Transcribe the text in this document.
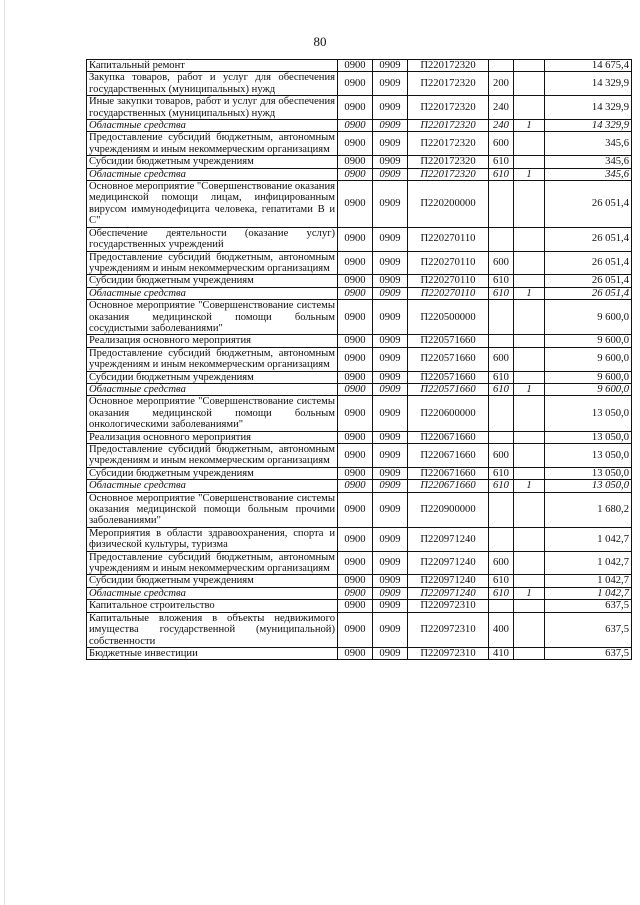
80
Капитальный ремонт	0900	0909	П220172320			14 675,4
Закупка товаров, работ и услуг для обеспечения государственных (муниципальных) нужд	0900	0909	П220172320	200		14 329,9
Иные закупки товаров, работ и услуг для обеспечения государственных (муниципальных) нужд	0900	0909	П220172320	240		14 329,9
Областные средства	0900	0909	П220172320	240	1	14 329,9
Предоставление субсидий бюджетным, автономным учреждениям и иным некоммерческим организациям	0900	0909	П220172320	600		345,6
Субсидии бюджетным учреждениям	0900	0909	П220172320	610		345,6
Областные средства	0900	0909	П220172320	610	1	345,6
Основное мероприятие "Совершенствование оказания медицинской помощи лицам, инфицированным вирусом иммунодефицита человека, гепатитами В и С"	0900	0909	П220200000			26 051,4
Обеспечение деятельности (оказание услуг) государственных учреждений	0900	0909	П220270110			26 051,4
Предоставление субсидий бюджетным, автономным учреждениям и иным некоммерческим организациям	0900	0909	П220270110	600		26 051,4
Субсидии бюджетным учреждениям	0900	0909	П220270110	610		26 051,4
Областные средства	0900	0909	П220270110	610	1	26 051,4
Основное мероприятие "Совершенствование системы оказания медицинской помощи больным сосудистыми заболеваниями"	0900	0909	П220500000			9 600,0
Реализация основного мероприятия	0900	0909	П220571660			9 600,0
Предоставление субсидий бюджетным, автономным учреждениям и иным некоммерческим организациям	0900	0909	П220571660	600		9 600,0
Субсидии бюджетным учреждениям	0900	0909	П220571660	610		9 600,0
Областные средства	0900	0909	П220571660	610	1	9 600,0
Основное мероприятие "Совершенствование системы оказания медицинской помощи больным онкологическими заболеваниями"	0900	0909	П220600000			13 050,0
Реализация основного мероприятия	0900	0909	П220671660			13 050,0
Предоставление субсидий бюджетным, автономным учреждениям и иным некоммерческим организациям	0900	0909	П220671660	600		13 050,0
Субсидии бюджетным учреждениям	0900	0909	П220671660	610		13 050,0
Областные средства	0900	0909	П220671660	610	1	13 050,0
Основное мероприятие "Совершенствование системы оказания медицинской помощи больным прочими заболеваниями"	0900	0909	П220900000			1 680,2
Мероприятия в области здравоохранения, спорта и физической культуры, туризма	0900	0909	П220971240			1 042,7
Предоставление субсидий бюджетным, автономным учреждениям и иным некоммерческим организациям	0900	0909	П220971240	600		1 042,7
Субсидии бюджетным учреждениям	0900	0909	П220971240	610		1 042,7
Областные средства	0900	0909	П220971240	610	1	1 042,7
Капитальное строительство	0900	0909	П220972310			637,5
Капитальные вложения в объекты недвижимого имущества государственной (муниципальной) собственности	0900	0909	П220972310	400		637,5
Бюджетные инвестиции	0900	0909	П220972310	410		637,5
